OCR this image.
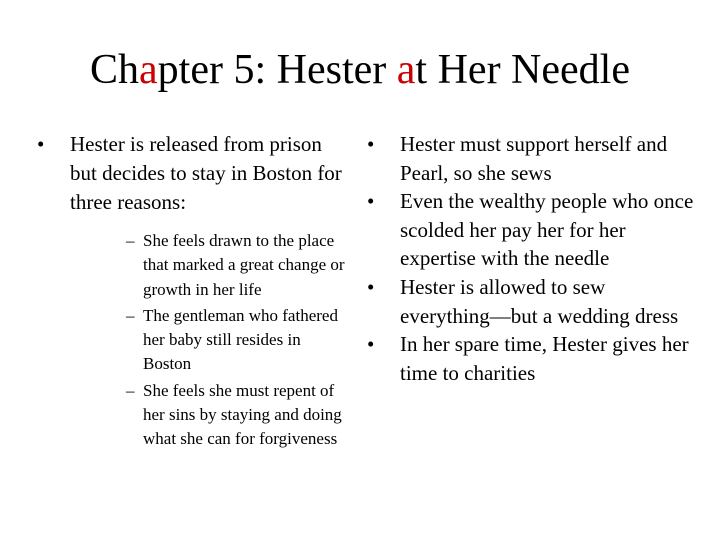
Chapter 5: Hester at Her Needle
• Hester is released from prison but decides to stay in Boston for three reasons:
– She feels drawn to the place that marked a great change or growth in her life
– The gentleman who fathered her baby still resides in Boston
– She feels she must repent of her sins by staying and doing what she can for forgiveness
• Hester must support herself and Pearl, so she sews
• Even the wealthy people who once scolded her pay her for her expertise with the needle
• Hester is allowed to sew everything—but a wedding dress
• In her spare time, Hester gives her time to charities
